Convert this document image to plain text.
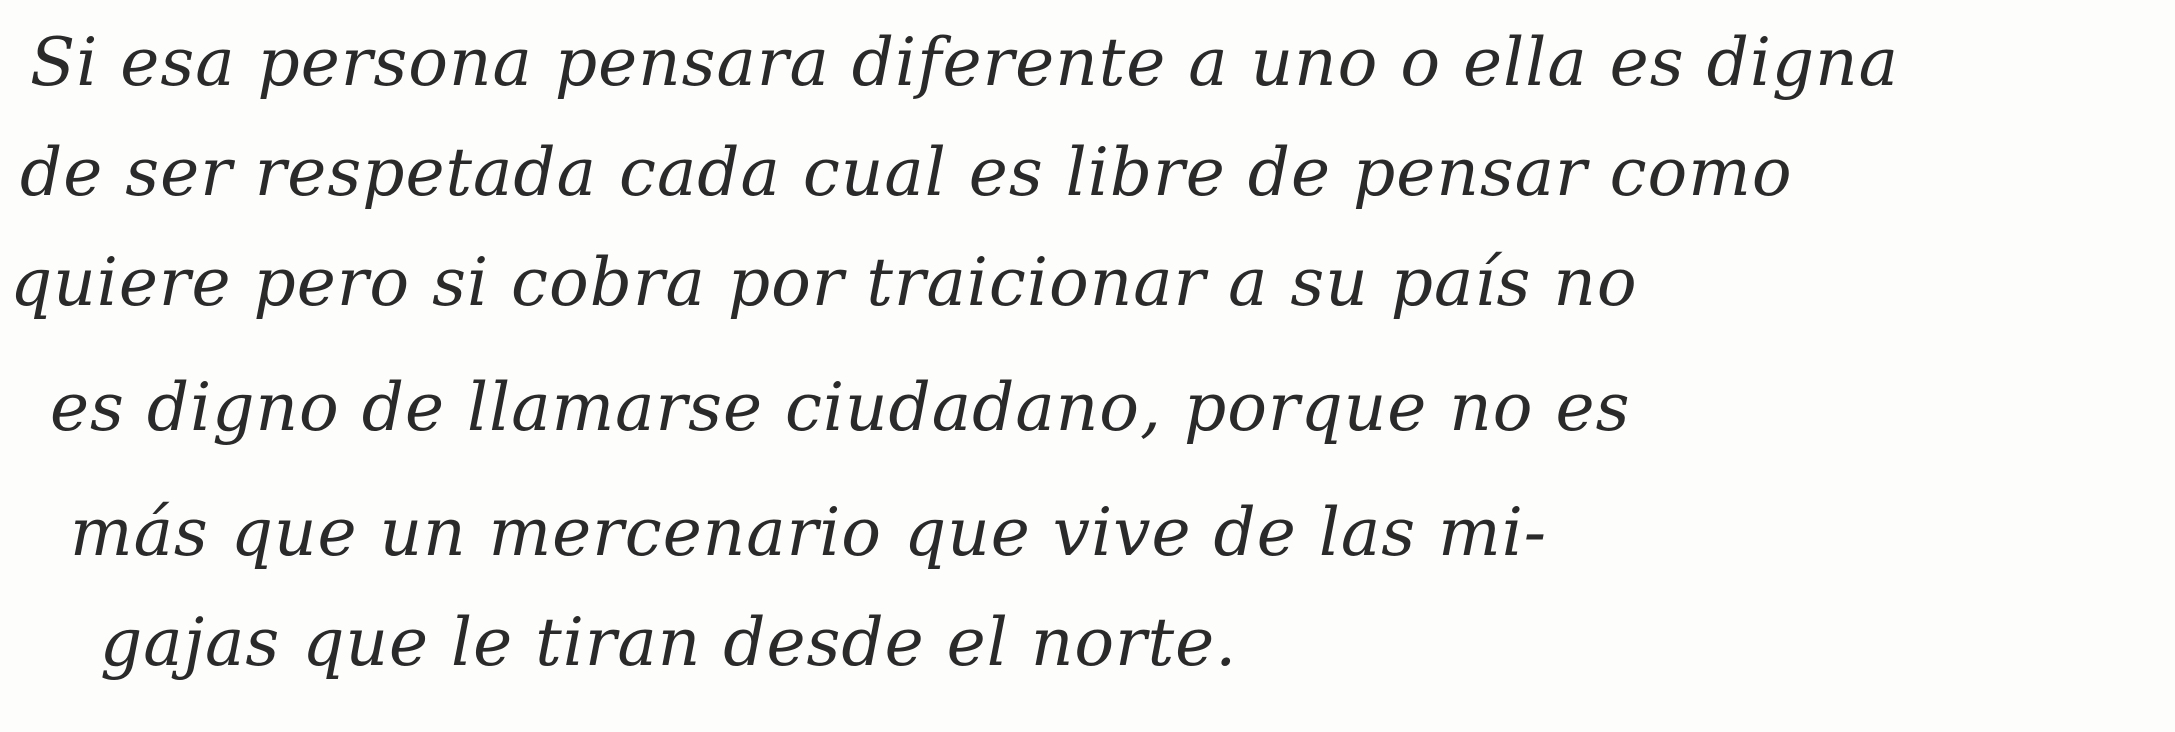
Si esa persona pensara diferente a uno o ella es digna
de ser respetada cada cual es libre de pensar como
quiere pero si cobra por traicionar a su país no
es digno de llamarse ciudadano, porque no es
más que un mercenario que vive de las mi-
gajas que le tiran desde el norte.
